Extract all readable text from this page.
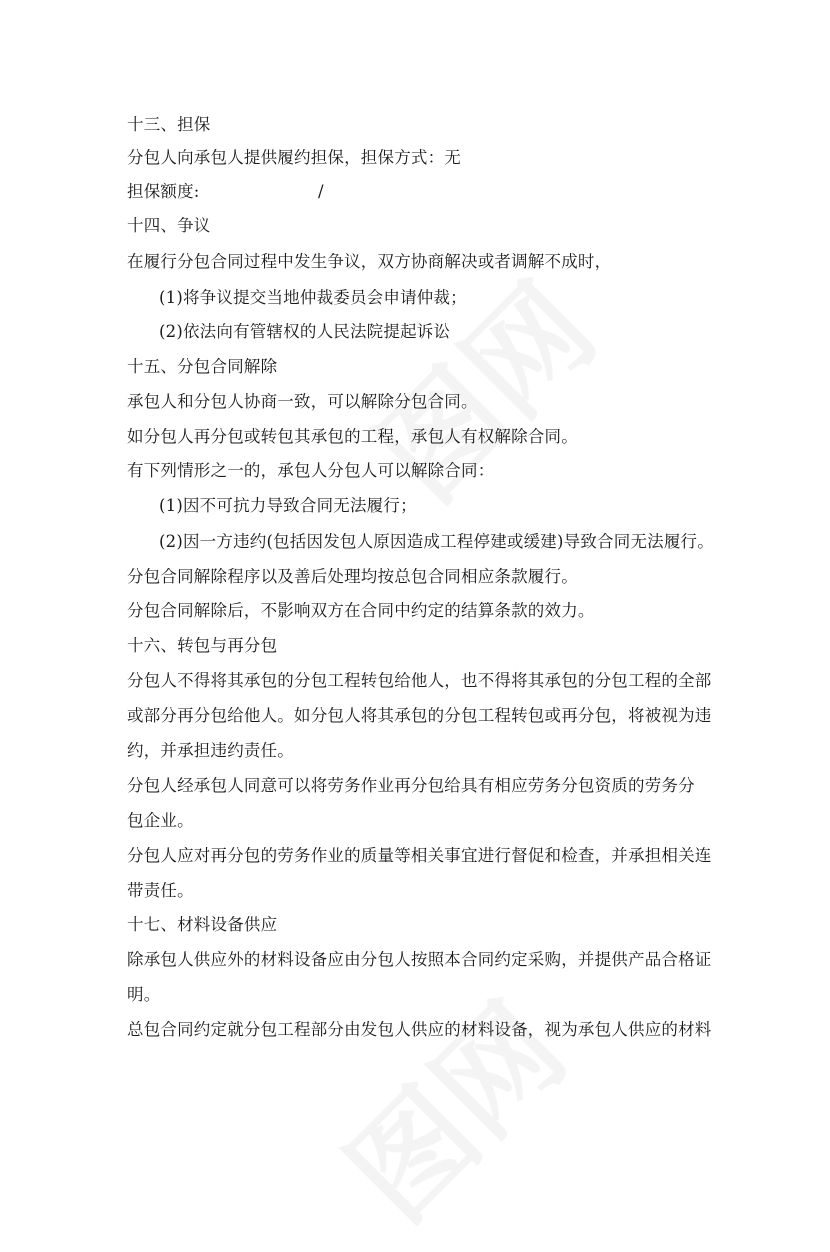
十三、担保
分包人向承包人提供履约担保，担保方式：无
担保额度:	/
十四、争议
在履行分包合同过程中发生争议，双方协商解决或者调解不成时，
(1)将争议提交当地仲裁委员会申请仲裁；
(2)依法向有管辖权的人民法院提起诉讼
十五、分包合同解除
承包人和分包人协商一致，可以解除分包合同。
如分包人再分包或转包其承包的工程，承包人有权解除合同。
有下列情形之一的，承包人分包人可以解除合同：
(1)因不可抗力导致合同无法履行；
(2)因一方违约(包括因发包人原因造成工程停建或缓建)导致合同无法履行。
分包合同解除程序以及善后处理均按总包合同相应条款履行。
分包合同解除后，不影响双方在合同中约定的结算条款的效力。
十六、转包与再分包
分包人不得将其承包的分包工程转包给他人，也不得将其承包的分包工程的全部
或部分再分包给他人。如分包人将其承包的分包工程转包或再分包，将被视为违
约，并承担违约责任。
分包人经承包人同意可以将劳务作业再分包给具有相应劳务分包资质的劳务分
包企业。
分包人应对再分包的劳务作业的质量等相关事宜进行督促和检查，并承担相关连
带责任。
十七、材料设备供应
除承包人供应外的材料设备应由分包人按照本合同约定采购，并提供产品合格证
明。
总包合同约定就分包工程部分由发包人供应的材料设备，视为承包人供应的材料
